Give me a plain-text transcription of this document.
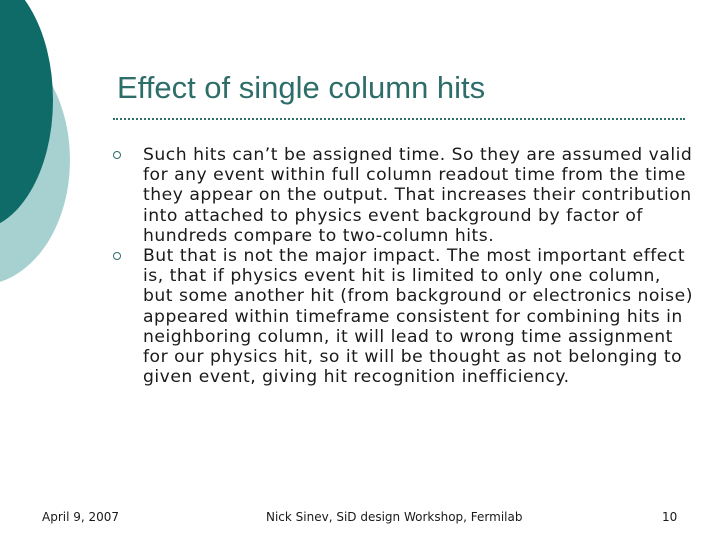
Effect of single column hits
Such hits can’t be assigned time. So they are assumed valid for any event within full column readout time from the time they appear on the output. That increases their contribution into attached to physics event background by factor of hundreds compare to two-column hits.
But that is not the major impact. The most important effect is, that if physics event hit is limited to only one column, but some another hit (from background or electronics noise) appeared within timeframe consistent for combining hits in neighboring column, it will lead to wrong time assignment for our physics hit, so it will be thought as not belonging to given event, giving hit recognition inefficiency.
April 9, 2007	Nick Sinev, SiD design Workshop, Fermilab	10
